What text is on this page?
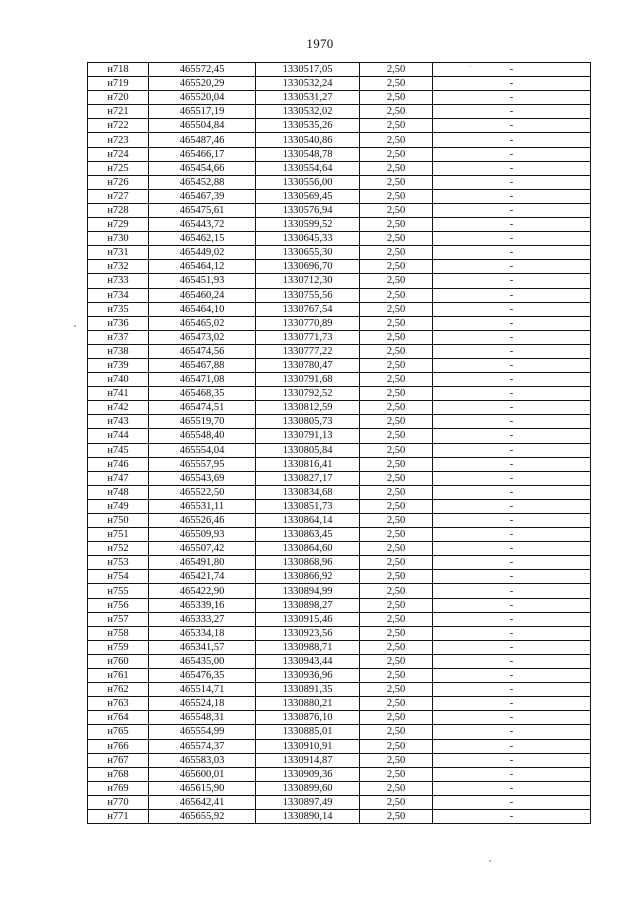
1970
н718	465572,45	1330517,05	2,50	-
н719	465520,29	1330532,24	2,50	-
н720	465520,04	1330531,27	2,50	-
н721	465517,19	1330532,02	2,50	-
н722	465504,84	1330535,26	2,50	-
н723	465487,46	1330540,86	2,50	-
н724	465466,17	1330548,78	2,50	-
н725	465454,66	1330554,64	2,50	-
н726	465452,88	1330556,00	2,50	-
н727	465467,39	1330569,45	2,50	-
н728	465475,61	1330576,94	2,50	-
н729	465443,72	1330599,52	2,50	-
н730	465462,15	1330645,33	2,50	-
н731	465449,02	1330655,30	2,50	-
н732	465464,12	1330696,70	2,50	-
н733	465451,93	1330712,30	2,50	-
н734	465460,24	1330755,56	2,50	-
н735	465464,10	1330767,54	2,50	-
н736	465465,02	1330770,89	2,50	-
н737	465473,02	1330771,73	2,50	-
н738	465474,56	1330777,22	2,50	-
н739	465467,88	1330780,47	2,50	-
н740	465471,08	1330791,68	2,50	-
н741	465468,35	1330792,52	2,50	-
н742	465474,51	1330812,59	2,50	-
н743	465519,70	1330805,73	2,50	-
н744	465548,40	1330791,13	2,50	-
н745	465554,04	1330805,84	2,50	-
н746	465557,95	1330816,41	2,50	-
н747	465543,69	1330827,17	2,50	-
н748	465522,50	1330834,68	2,50	-
н749	465531,11	1330851,73	2,50	-
н750	465526,46	1330864,14	2,50	-
н751	465509,93	1330863,45	2,50	-
н752	465507,42	1330864,60	2,50	-
н753	465491,80	1330868,96	2,50	-
н754	465421,74	1330866,92	2,50	-
н755	465422,90	1330894,99	2,50	-
н756	465339,16	1330898,27	2,50	-
н757	465333,27	1330915,46	2,50	-
н758	465334,18	1330923,56	2,50	-
н759	465341,57	1330988,71	2,50	-
н760	465435,00	1330943,44	2,50	-
н761	465476,35	1330936,96	2,50	-
н762	465514,71	1330891,35	2,50	-
н763	465524,18	1330880,21	2,50	-
н764	465548,31	1330876,10	2,50	-
н765	465554,99	1330885,01	2,50	-
н766	465574,37	1330910,91	2,50	-
н767	465583,03	1330914,87	2,50	-
н768	465600,01	1330909,36	2,50	-
н769	465615,90	1330899,60	2,50	-
н770	465642,41	1330897,49	2,50	-
н771	465655,92	1330890,14	2,50	-
